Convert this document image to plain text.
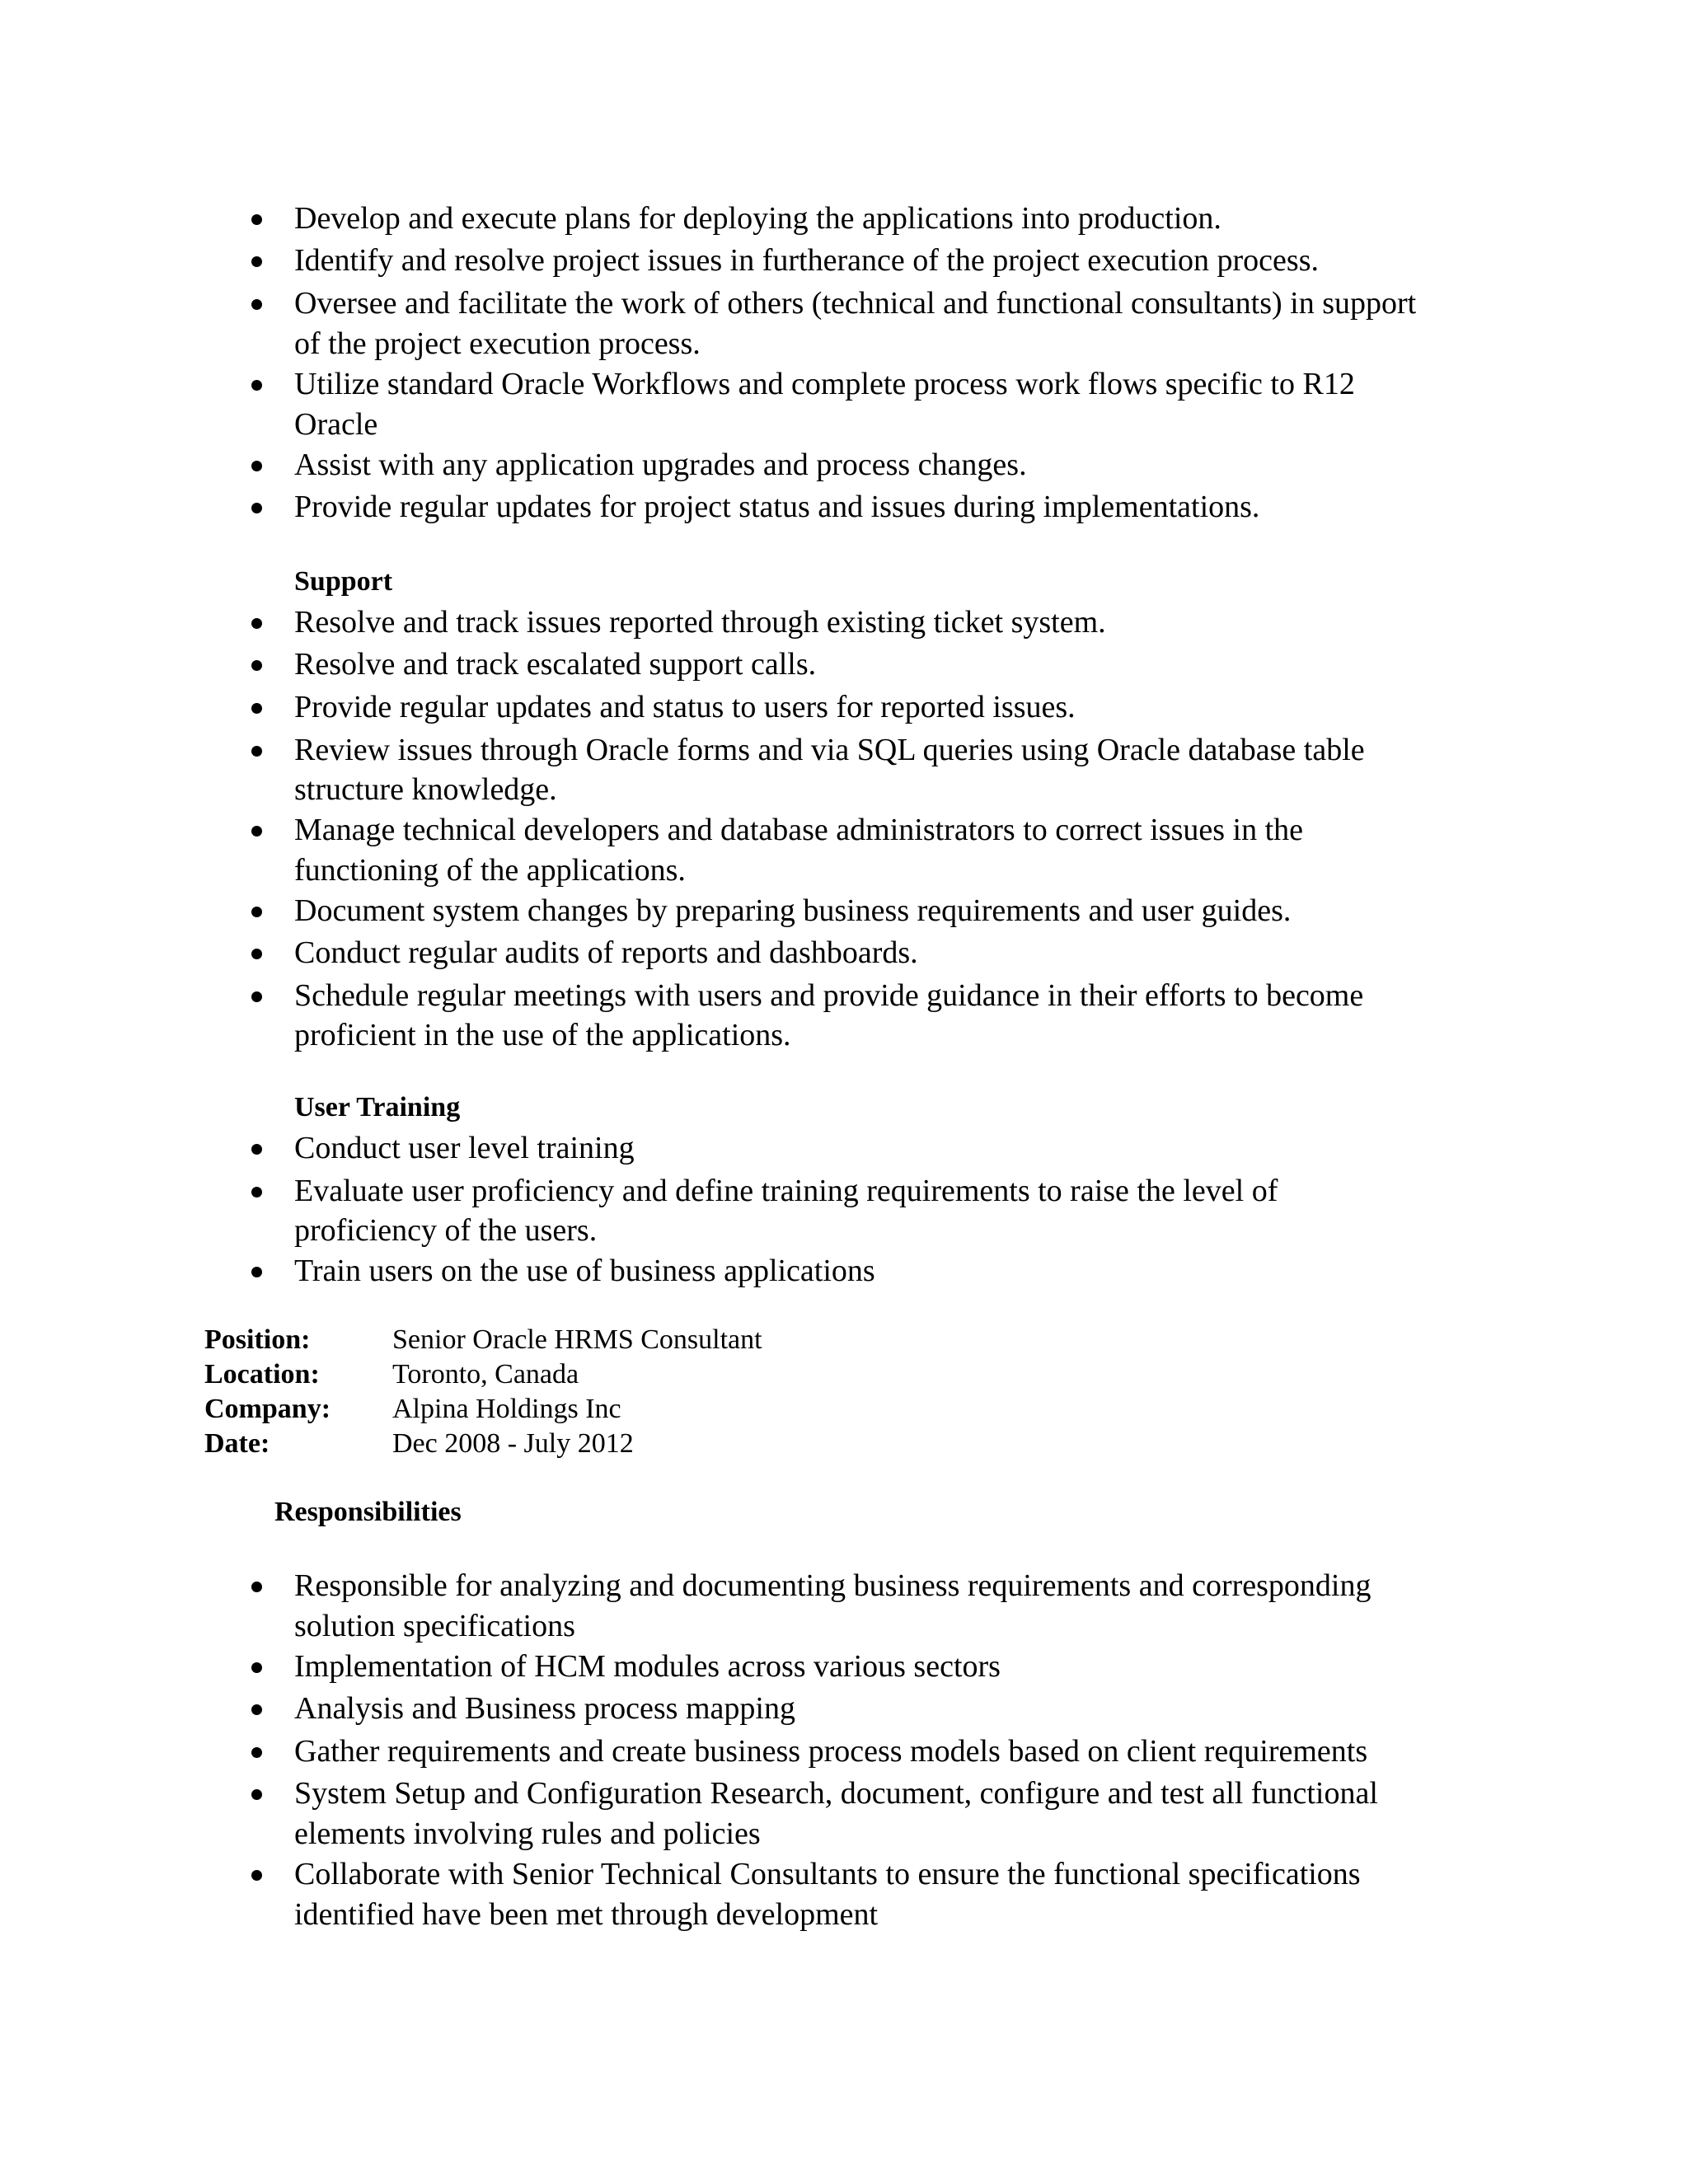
Develop and execute plans for deploying the applications into production.
Identify and resolve project issues in furtherance of the project execution process.
Oversee and facilitate the work of others (technical and functional consultants) in support
of the project execution process.
Utilize standard Oracle Workflows and complete process work flows specific to R12
Oracle
Assist with any application upgrades and process changes.
Provide regular updates for project status and issues during implementations.
Support
Resolve and track issues reported through existing ticket system.
Resolve and track escalated support calls.
Provide regular updates and status to users for reported issues.
Review issues through Oracle forms and via SQL queries using Oracle database table
structure knowledge.
Manage technical developers and database administrators to correct issues in the
functioning of the applications.
Document system changes by preparing business requirements and user guides.
Conduct regular audits of reports and dashboards.
Schedule regular meetings with users and provide guidance in their efforts to become
proficient in the use of the applications.
User Training
Conduct user level training
Evaluate user proficiency and define training requirements to raise the level of
proficiency of the users.
Train users on the use of business applications
Position:	Senior Oracle HRMS Consultant
Location:	Toronto, Canada
Company: Alpina Holdings Inc
Date:	Dec 2008 - July 2012
Responsibilities
Responsible for analyzing and documenting business requirements and corresponding
solution specifications
Implementation of HCM modules across various sectors
Analysis and Business process mapping
Gather requirements and create business process models based on client requirements
System Setup and Configuration Research, document, configure and test all functional
elements involving rules and policies
Collaborate with Senior Technical Consultants to ensure the functional specifications
identified have been met through development
